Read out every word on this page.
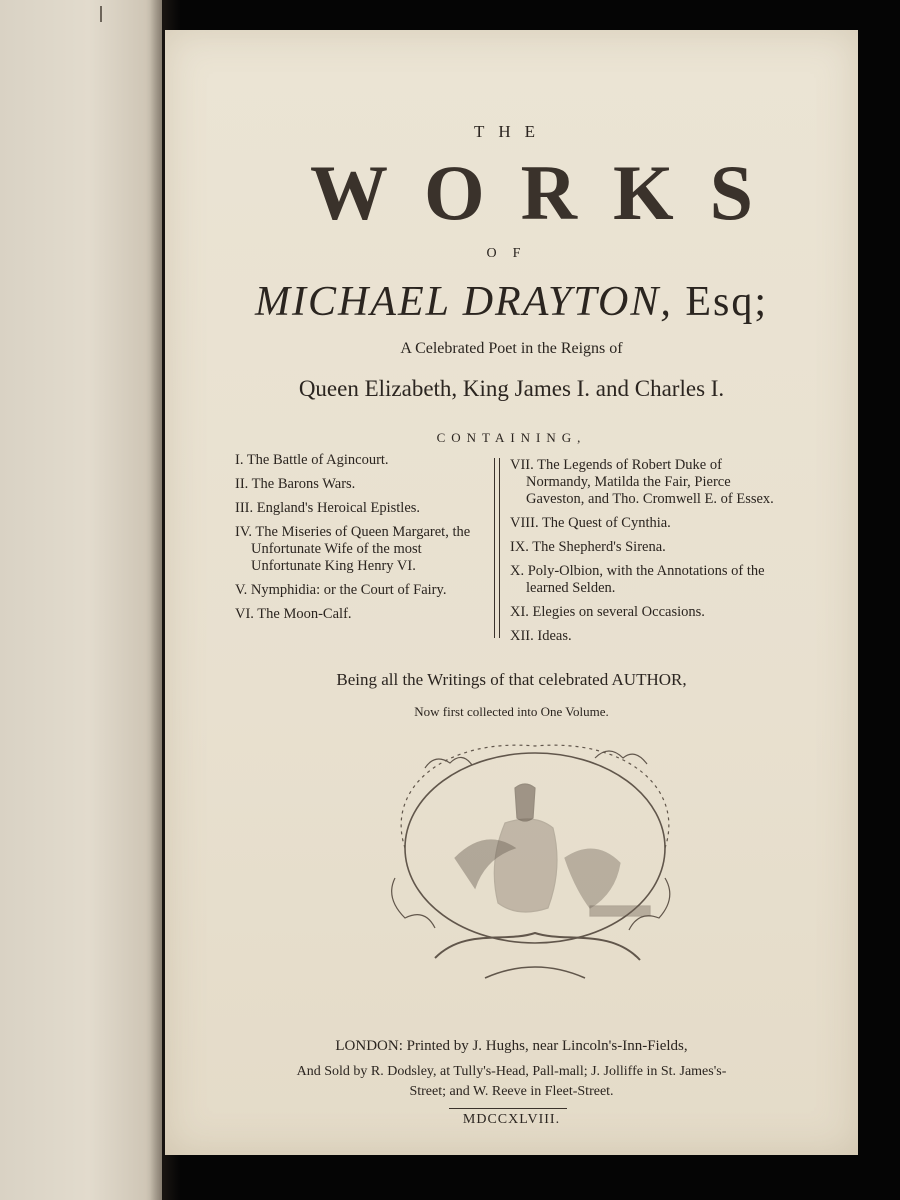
THE
WORKS
OF
MICHAEL DRAYTON, Esq;
A Celebrated Poet in the Reigns of
Queen Elizabeth, King James I. and Charles I.
CONTAINING,

I. The Battle of Agincourt.

II. The Barons Wars.

III. England's Heroical Epistles.

IV. The Miseries of Queen Margaret, the Unfortunate Wife of the most Unfortunate King Henry VI.

V. Nymphidia: or the Court of Fairy.

VI. The Moon-Calf.

VII. The Legends of Robert Duke of Normandy, Matilda the Fair, Pierce Gaveston, and Tho. Cromwell E. of Essex.

VIII. The Quest of Cynthia.

IX. The Shepherd's Sirena.

X. Poly-Olbion, with the Annotations of the learned Selden.

XI. Elegies on several Occasions.

XII. Ideas.

Being all the Writings of that celebrated AUTHOR,
Now first collected into One Volume.
LONDON: Printed by J. Hughs, near Lincoln's-Inn-Fields,
And Sold by R. Dodsley, at Tully's-Head, Pall-mall; J. Jolliffe in St. James's-
Street; and W. Reeve in Fleet-Street.
MDCCXLVIII.
